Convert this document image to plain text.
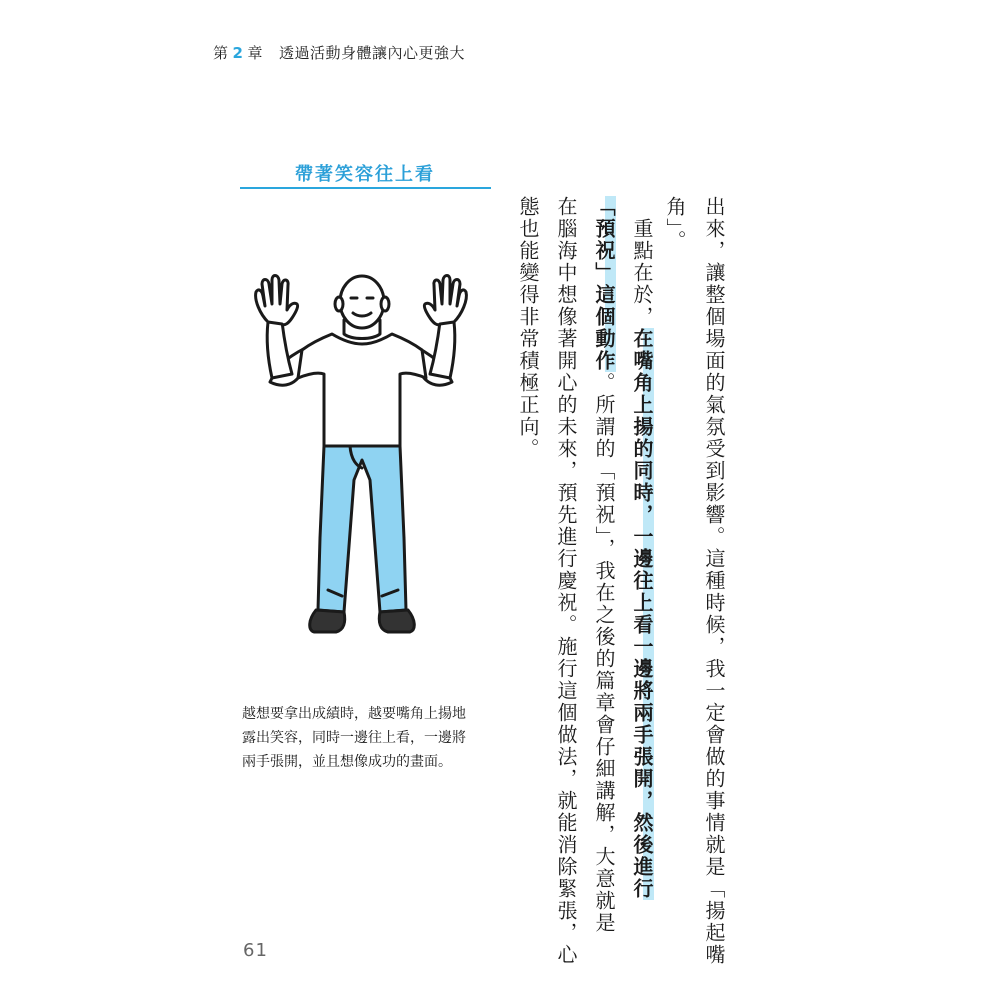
第 2 章 透過活動身體讓內心更強大
帶著笑容往上看
越想要拿出成績時，越要嘴角上揚地露出笑容，同時一邊往上看，一邊將兩手張開，並且想像成功的畫面。	出來，讓整個場面的氣氛受到影響。這種時候，我一定會做的事情就是「揚起嘴
角」。
　重點在於，在嘴角上揚的同時，一邊往上看一邊將兩手張開，然後進行
「預祝」這個動作。所謂的「預祝」，我在之後的篇章會仔細講解，大意就是
在腦海中想像著開心的未來，預先進行慶祝。施行這個做法，就能消除緊張，心
態也能變得非常積極正向。
61
